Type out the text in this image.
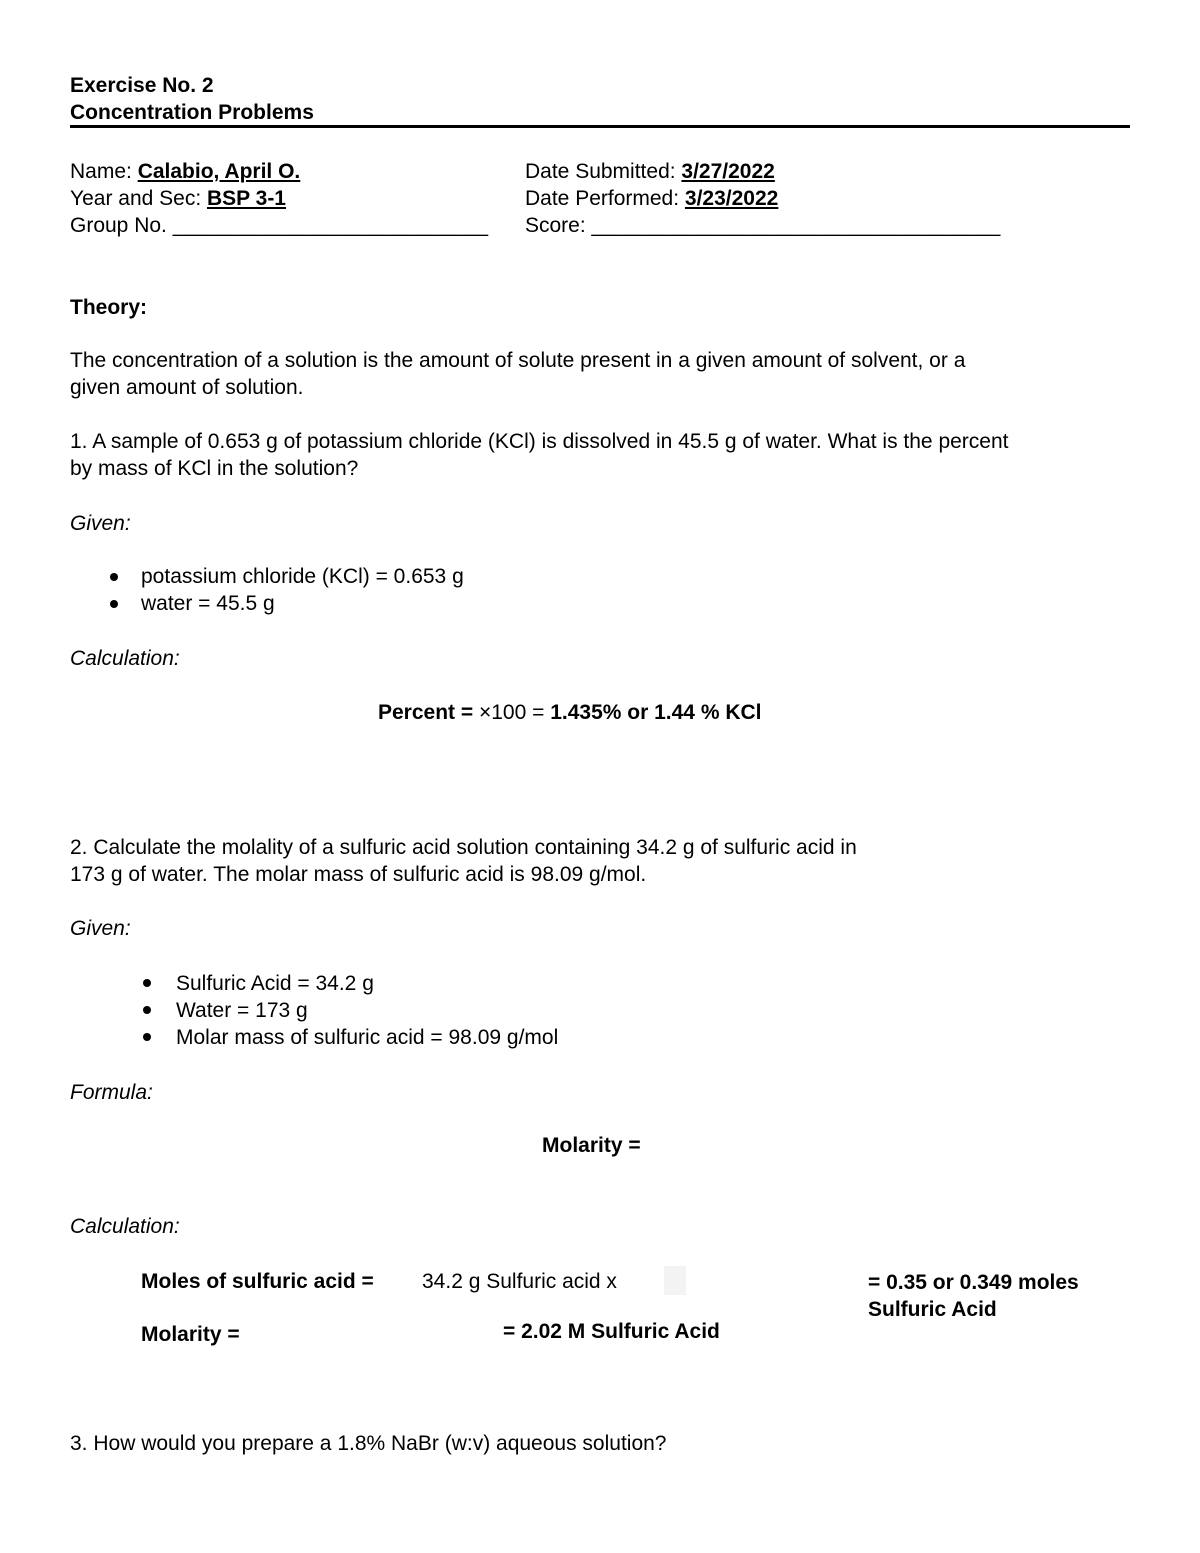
Exercise No. 2
Concentration Problems
Name: Calabio, April O.
Year and Sec: BSP 3-1
Group No. ___________________________
Date Submitted: 3/27/2022
Date Performed: 3/23/2022
Score: ___________________________________
Theory:
The concentration of a solution is the amount of solute present in a given amount of solvent, or a
given amount of solution.
1. A sample of 0.653 g of potassium chloride (KCl) is dissolved in 45.5 g of water. What is the percent
by mass of KCl in the solution?
Given:
potassium chloride (KCl) = 0.653 g
water = 45.5 g
Calculation:
Percent = ×100 = 1.435% or 1.44 % KCl
2. Calculate the molality of a sulfuric acid solution containing 34.2 g of sulfuric acid in
173 g of water. The molar mass of sulfuric acid is 98.09 g/mol.
Given:
Sulfuric Acid = 34.2 g
Water = 173 g
Molar mass of sulfuric acid = 98.09 g/mol
Formula:
Molarity =
Calculation:
Moles of sulfuric acid = 34.2 g Sulfuric acid x	= 0.35 or 0.349 moles
Sulfuric Acid
Molarity =	= 2.02 M Sulfuric Acid
3. How would you prepare a 1.8% NaBr (w:v) aqueous solution?
